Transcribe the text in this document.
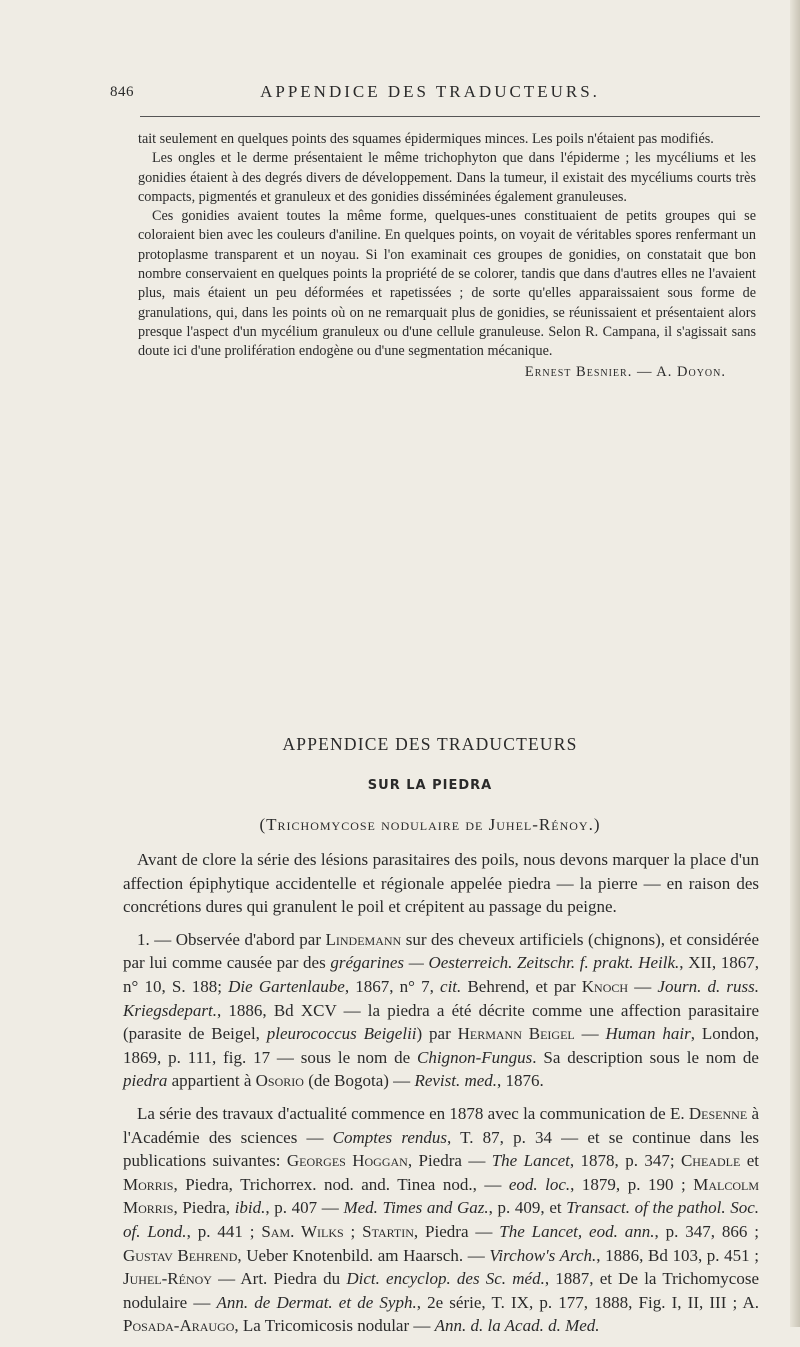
846	APPENDICE DES TRADUCTEURS.

tait seulement en quelques points des squames épidermiques minces. Les poils n'étaient pas modifiés.

Les ongles et le derme présentaient le même trichophyton que dans l'épiderme ; les mycéliums et les gonidies étaient à des degrés divers de développement. Dans la tumeur, il existait des mycéliums courts très compacts, pigmentés et granuleux et des gonidies disséminées également granuleuses.

Ces gonidies avaient toutes la même forme, quelques-unes constituaient de petits groupes qui se coloraient bien avec les couleurs d'aniline. En quelques points, on voyait de véritables spores renfermant un protoplasme transparent et un noyau. Si l'on examinait ces groupes de gonidies, on constatait que bon nombre conservaient en quelques points la propriété de se colorer, tandis que dans d'autres elles ne l'avaient plus, mais étaient un peu déformées et rapetissées ; de sorte qu'elles apparaissaient sous forme de granulations, qui, dans les points où on ne remarquait plus de gonidies, se réunissaient et présentaient alors presque l'aspect d'un mycélium granuleux ou d'une cellule granuleuse. Selon R. Campana, il s'agissait sans doute ici d'une prolifération endogène ou d'une segmentation mécanique.

Ernest Besnier. — A. Doyon.
APPENDICE DES TRADUCTEURS
SUR LA PIEDRA
(Trichomycose nodulaire de Juhel-Rénoy.)

Avant de clore la série des lésions parasitaires des poils, nous devons marquer la place d'un affection épiphytique accidentelle et régionale appelée piedra — la pierre — en raison des concrétions dures qui granulent le poil et crépitent au passage du peigne.

1. — Observée d'abord par Lindemann sur des cheveux artificiels (chignons), et considérée par lui comme causée par des grégarines — Oesterreich. Zeitschr. f. prakt. Heilk., XII, 1867, n° 10, S. 188; Die Gartenlaube, 1867, n° 7, cit. Behrend, et par Knoch — Journ. d. russ. Kriegsdepart., 1886, Bd XCV — la piedra a été décrite comme une affection parasitaire (parasite de Beigel, pleurococcus Beigelii) par Hermann Beigel — Human hair, London, 1869, p. 111, fig. 17 — sous le nom de Chignon-Fungus. Sa description sous le nom de piedra appartient à Osorio (de Bogota) — Revist. med., 1876.

La série des travaux d'actualité commence en 1878 avec la communication de E. Desenne à l'Académie des sciences — Comptes rendus, T. 87, p. 34 — et se continue dans les publications suivantes: Georges Hoggan, Piedra — The Lancet, 1878, p. 347; Cheadle et Morris, Piedra, Trichorrex. nod. and. Tinea nod., — eod. loc., 1879, p. 190 ; Malcolm Morris, Piedra, ibid., p. 407 — Med. Times and Gaz., p. 409, et Transact. of the pathol. Soc. of. Lond., p. 441 ; Sam. Wilks ; Startin, Piedra — The Lancet, eod. ann., p. 347, 866 ; Gustav Behrend, Ueber Knotenbild. am Haarsch. — Virchow's Arch., 1886, Bd 103, p. 451 ; Juhel-Rénoy — Art. Piedra du Dict. encyclop. des Sc. méd., 1887, et De la Trichomycose nodulaire — Ann. de Dermat. et de Syph., 2e série, T. IX, p. 177, 1888, Fig. I, II, III ; A. Posada-Araugo, La Tricomicosis nodular — Ann. d. la Acad. d. Med.
